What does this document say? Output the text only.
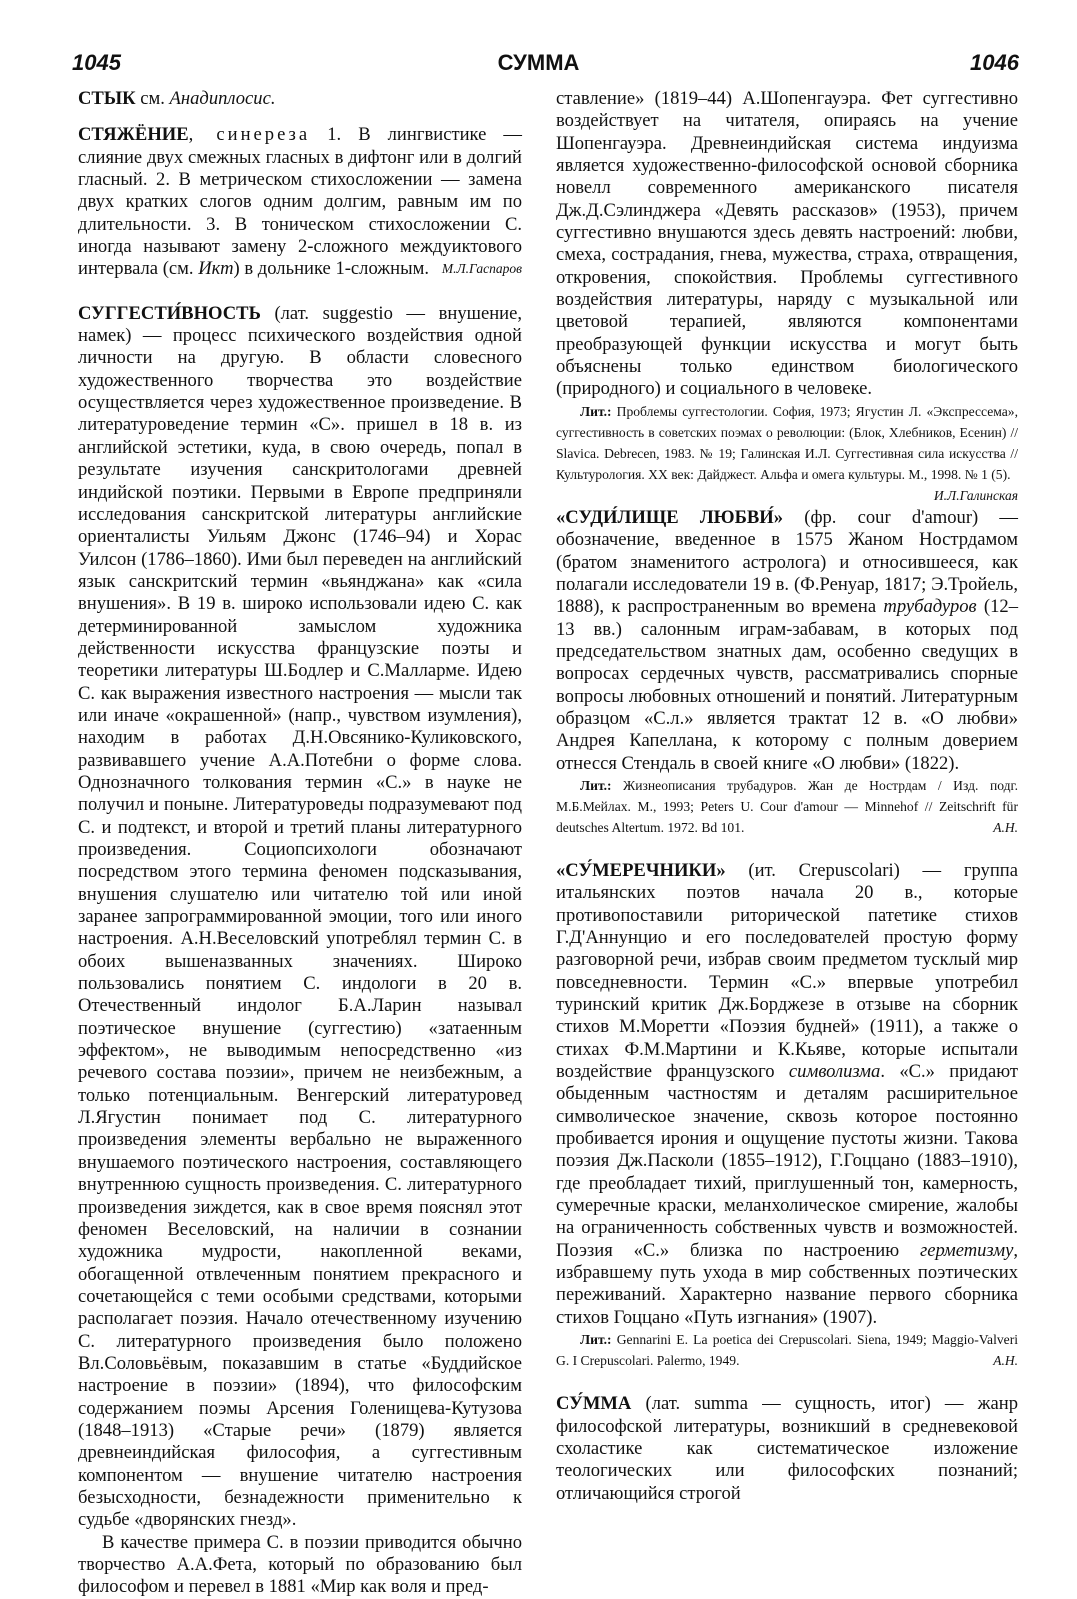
1045	СУММА	1046

СТЫК см. Анадиплосис.

СТЯЖЁНИЕ, синереза 1. В лингвистике — слияние двух смежных гласных в дифтонг или в долгий гласный. 2. В метрическом стихосложении — замена двух кратких слогов одним долгим, равным им по длительности. 3. В тоническом стихосложении С. иногда называют замену 2-сложного междуиктового интервала (см. Икт) в дольнике 1-сложным. М.Л.Гаспаров

СУГГЕСТИ́ВНОСТЬ (лат. suggestio — внушение, намек) — процесс психического воздействия одной личности на другую. В области словесного художественного творчества это воздействие осуществляется через художественное произведение. В литературоведение термин «С». пришел в 18 в. из английской эстетики, куда, в свою очередь, попал в результате изучения санскритологами древней индийской поэтики. Первыми в Европе предприняли исследования санскритской литературы английские ориенталисты Уильям Джонс (1746–94) и Хорас Уилсон (1786–1860). Ими был переведен на английский язык санскритский термин «вьянджана» как «сила внушения». В 19 в. широко использовали идею С. как детерминированной замыслом художника действенности искусства французские поэты и теоретики литературы Ш.Бодлер и С.Малларме. Идею С. как выражения известного настроения — мысли так или иначе «окрашенной» (напр., чувством изумления), находим в работах Д.Н.Овсянико-Куликовского, развивавшего учение А.А.Потебни о форме слова. Однозначного толкования термин «С.» в науке не получил и поныне. Литературоведы подразумевают под С. и подтекст, и второй и третий планы литературного произведения. Социопсихологи обозначают посредством этого термина феномен подсказывания, внушения слушателю или читателю той или иной заранее запрограммированной эмоции, того или иного настроения. А.Н.Веселовский употреблял термин С. в обоих вышеназванных значениях. Широко пользовались понятием С. индологи в 20 в. Отечественный индолог Б.А.Ларин называл поэтическое внушение (суггестию) «затаенным эффектом», не выводимым непосредственно «из речевого состава поэзии», причем не неизбежным, а только потенциальным. Венгерский литературовед Л.Ягустин понимает под С. литературного произведения элементы вербально не выраженного внушаемого поэтического настроения, составляющего внутреннюю сущность произведения. С. литературного произведения зиждется, как в свое время пояснял этот феномен Веселовский, на наличии в сознании художника мудрости, накопленной веками, обогащенной отвлеченным понятием прекрасного и сочетающейся с теми особыми средствами, которыми располагает поэзия. Начало отечественному изучению С. литературного произведения было положено Вл.Соловьёвым, показавшим в статье «Буддийское настроение в поэзии» (1894), что философским содержанием поэмы Арсения Голенищева-Кутузова (1848–1913) «Старые речи» (1879) является древнеиндийская философия, а суггестивным компонентом — внушение читателю настроения безысходности, безнадежности применительно к судьбе «дворянских гнезд».

В качестве примера С. в поэзии приводится обычно творчество А.А.Фета, который по образованию был философом и перевел в 1881 «Мир как воля и пред-

ставление» (1819–44) А.Шопенгауэра. Фет суггестивно воздействует на читателя, опираясь на учение Шопенгауэра. Древнеиндийская система индуизма является художественно-философской основой сборника новелл современного американского писателя Дж.Д.Сэлинджера «Девять рассказов» (1953), причем суггестивно внушаются здесь девять настроений: любви, смеха, сострадания, гнева, мужества, страха, отвращения, откровения, спокойствия. Проблемы суггестивного воздействия литературы, наряду с музыкальной или цветовой терапией, являются компонентами преобразующей функции искусства и могут быть объяснены только единством биологического (природного) и социального в человеке.

Лит.: Проблемы суггестологии. София, 1973; Ягустин Л. «Экспрессема», суггестивность в советских поэмах о революции: (Блок, Хлебников, Есенин) // Slavica. Debrecen, 1983. № 19; Галинская И.Л. Суггестивная сила искусства // Культурология. XX век: Дайджест. Альфа и омега культуры. М., 1998. № 1 (5).
И.Л.Галинская

«СУДИ́ЛИЩЕ ЛЮБВИ́» (фр. cour d'amour) — обозначение, введенное в 1575 Жаном Нострдамом (братом знаменитого астролога) и относившееся, как полагали исследователи 19 в. (Ф.Ренуар, 1817; Э.Тройель, 1888), к распространенным во времена трубадуров (12–13 вв.) салонным играм-забавам, в которых под председательством знатных дам, особенно сведущих в вопросах сердечных чувств, рассматривались спорные вопросы любовных отношений и понятий. Литературным образцом «С.л.» является трактат 12 в. «О любви» Андрея Капеллана, к которому с полным доверием отнесся Стендаль в своей книге «О любви» (1822).

Лит.: Жизнеописания трубадуров. Жан де Нострдам / Изд. подг. М.Б.Мейлах. М., 1993; Peters U. Cour d'amour — Minnehof // Zeitschrift für deutsches Altertum. 1972. Bd 101.	А.Н.

«СУ́МЕРЕЧНИКИ» (ит. Crepuscolari) — группа итальянских поэтов начала 20 в., которые противопоставили риторической патетике стихов Г.Д'Аннунцио и его последователей простую форму разговорной речи, избрав своим предметом тусклый мир повседневности. Термин «С.» впервые употребил туринский критик Дж.Борджезе в отзыве на сборник стихов М.Моретти «Поэзия будней» (1911), а также о стихах Ф.М.Мартини и К.Кьяве, которые испытали воздействие французского символизма. «С.» придают обыденным частностям и деталям расширительное символическое значение, сквозь которое постоянно пробивается ирония и ощущение пустоты жизни. Такова поэзия Дж.Пасколи (1855–1912), Г.Гоццано (1883–1910), где преобладает тихий, приглушенный тон, камерность, сумеречные краски, меланхолическое смирение, жалобы на ограниченность собственных чувств и возможностей. Поэзия «С.» близка по настроению герметизму, избравшему путь ухода в мир собственных поэтических переживаний. Характерно название первого сборника стихов Гоццано «Путь изгнания» (1907).

Лит.: Gennarini E. La poetica dei Crepuscolari. Siena, 1949; Maggio-Valveri G. I Crepuscolari. Palermo, 1949.	А.Н.

СУ́ММА (лат. summa — сущность, итог) — жанр философской литературы, возникший в средневековой схоластике как систематическое изложение теологических или философских познаний; отличающийся строгой
